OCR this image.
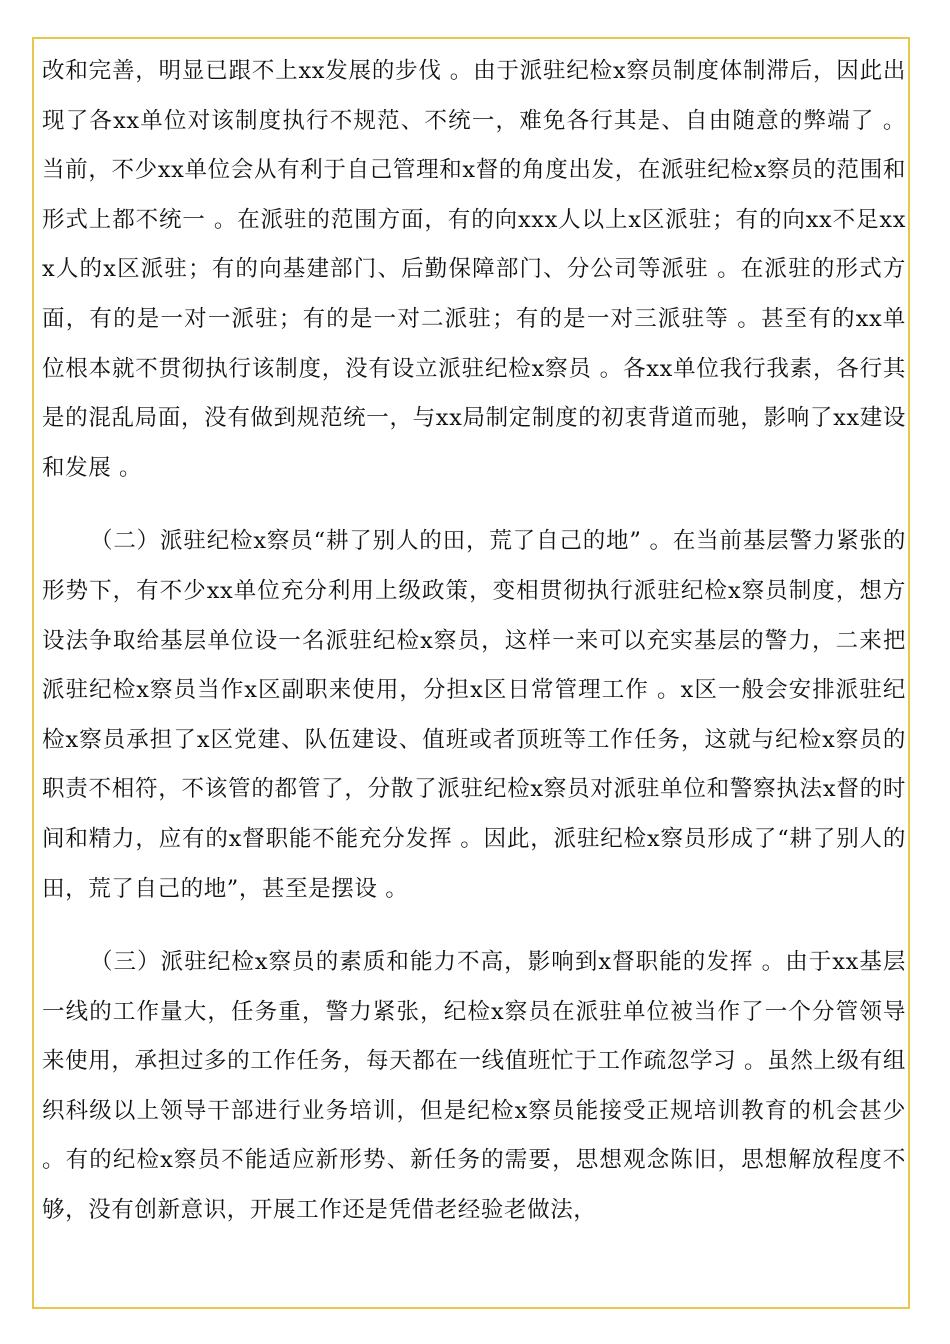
改和完善，明显已跟不上xx发展的步伐 。由于派驻纪检x察员制度体制滞后，因此出现了各xx单位对该制度执行不规范、不统一，难免各行其是、自由随意的弊端了 。当前，不少xx单位会从有利于自己管理和x督的角度出发，在派驻纪检x察员的范围和形式上都不统一 。在派驻的范围方面，有的向xxx人以上x区派驻；有的向xx不足xxx人的x区派驻；有的向基建部门、后勤保障部门、分公司等派驻 。在派驻的形式方面，有的是一对一派驻；有的是一对二派驻；有的是一对三派驻等 。甚至有的xx单位根本就不贯彻执行该制度，没有设立派驻纪检x察员 。各xx单位我行我素，各行其是的混乱局面，没有做到规范统一，与xx局制定制度的初衷背道而驰，影响了xx建设和发展 。

（二）派驻纪检x察员“耕了别人的田，荒了自己的地” 。在当前基层警力紧张的形势下，有不少xx单位充分利用上级政策，变相贯彻执行派驻纪检x察员制度，想方设法争取给基层单位设一名派驻纪检x察员，这样一来可以充实基层的警力，二来把派驻纪检x察员当作x区副职来使用，分担x区日常管理工作 。x区一般会安排派驻纪检x察员承担了x区党建、队伍建设、值班或者顶班等工作任务，这就与纪检x察员的职责不相符，不该管的都管了，分散了派驻纪检x察员对派驻单位和警察执法x督的时间和精力，应有的x督职能不能充分发挥 。因此，派驻纪检x察员形成了“耕了别人的田，荒了自己的地”，甚至是摆设 。

（三）派驻纪检x察员的素质和能力不高，影响到x督职能的发挥 。由于xx基层一线的工作量大，任务重，警力紧张，纪检x察员在派驻单位被当作了一个分管领导来使用，承担过多的工作任务，每天都在一线值班忙于工作疏忽学习 。虽然上级有组织科级以上领导干部进行业务培训，但是纪检x察员能接受正规培训教育的机会甚少 。有的纪检x察员不能适应新形势、新任务的需要，思想观念陈旧，思想解放程度不够，没有创新意识，开展工作还是凭借老经验老做法，
